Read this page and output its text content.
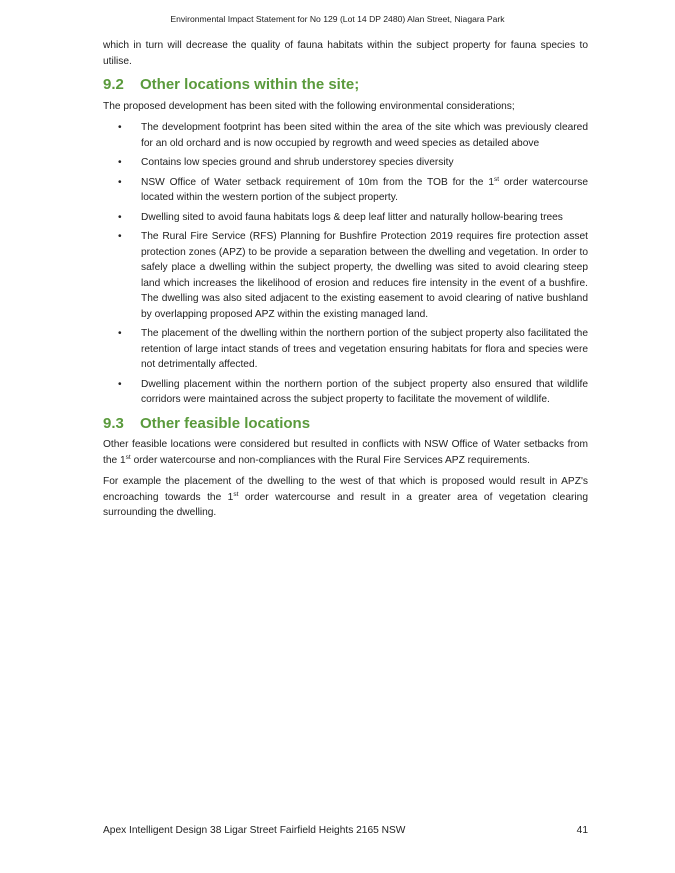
Environmental Impact Statement for No 129 (Lot 14 DP 2480) Alan Street, Niagara Park

which in turn will decrease the quality of fauna habitats within the subject property for fauna species to utilise.

9.2	Other locations within the site;

The proposed development has been sited with the following environmental considerations;

• The development footprint has been sited within the area of the site which was previously cleared for an old orchard and is now occupied by regrowth and weed species as detailed above
• Contains low species ground and shrub understorey species diversity
• NSW Office of Water setback requirement of 10m from the TOB for the 1st order watercourse located within the western portion of the subject property.
• Dwelling sited to avoid fauna habitats logs & deep leaf litter and naturally hollow-bearing trees
• The Rural Fire Service (RFS) Planning for Bushfire Protection 2019 requires fire protection asset protection zones (APZ) to be provide a separation between the dwelling and vegetation. In order to safely place a dwelling within the subject property, the dwelling was sited to avoid clearing steep land which increases the likelihood of erosion and reduces fire intensity in the event of a bushfire. The dwelling was also sited adjacent to the existing easement to avoid clearing of native bushland by overlapping proposed APZ within the existing managed land.
• The placement of the dwelling within the northern portion of the subject property also facilitated the retention of large intact stands of trees and vegetation ensuring habitats for flora and species were not detrimentally affected.
• Dwelling placement within the northern portion of the subject property also ensured that wildlife corridors were maintained across the subject property to facilitate the movement of wildlife.
9.3	Other feasible locations

Other feasible locations were considered but resulted in conflicts with NSW Office of Water setbacks from the 1st order watercourse and non-compliances with the Rural Fire Services APZ requirements.

For example the placement of the dwelling to the west of that which is proposed would result in APZ's encroaching towards the 1st order watercourse and result in a greater area of vegetation clearing surrounding the dwelling.

Apex Intelligent Design 38 Ligar Street Fairfield Heights 2165 NSW	41
